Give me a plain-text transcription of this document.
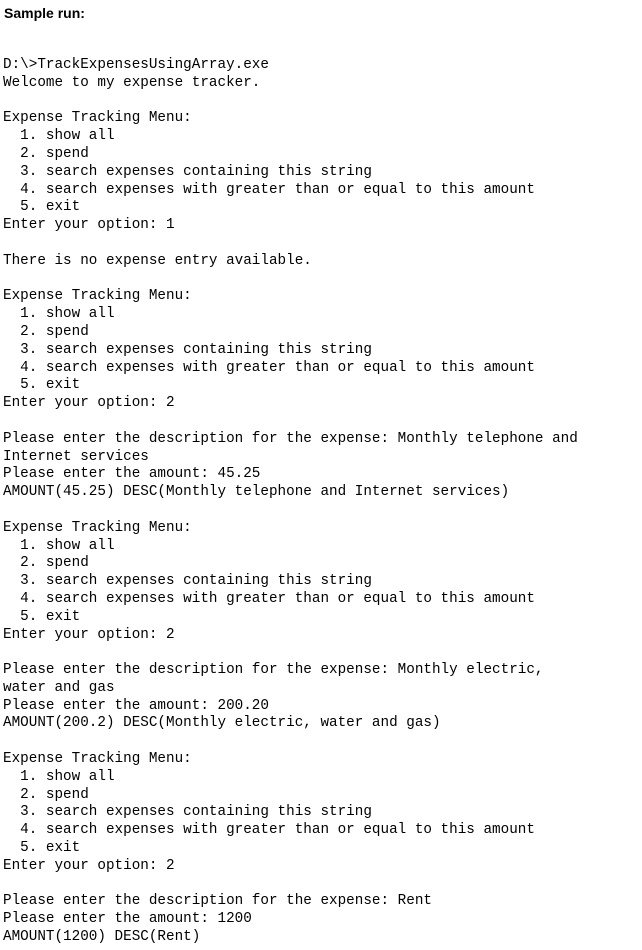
Sample run:
D:\>TrackExpensesUsingArray.exe
Welcome to my expense tracker.
Expense Tracking Menu:
1. show all
2. spend
3. search expenses containing this string
4. search expenses with greater than or equal to this amount
5. exit
Enter your option: 1
There is no expense entry available.
Expense Tracking Menu:
1. show all
2. spend
3. search expenses containing this string
4. search expenses with greater than or equal to this amount
5. exit
Enter your option: 2
Please enter the description for the expense: Monthly telephone and
Internet services
Please enter the amount: 45.25
AMOUNT(45.25) DESC(Monthly telephone and Internet services)
Expense Tracking Menu:
1. show all
2. spend
3. search expenses containing this string
4. search expenses with greater than or equal to this amount
5. exit
Enter your option: 2
Please enter the description for the expense: Monthly electric,
water and gas
Please enter the amount: 200.20
AMOUNT(200.2) DESC(Monthly electric, water and gas)
Expense Tracking Menu:
1. show all
2. spend
3. search expenses containing this string
4. search expenses with greater than or equal to this amount
5. exit
Enter your option: 2
Please enter the description for the expense: Rent
Please enter the amount: 1200
AMOUNT(1200) DESC(Rent)
